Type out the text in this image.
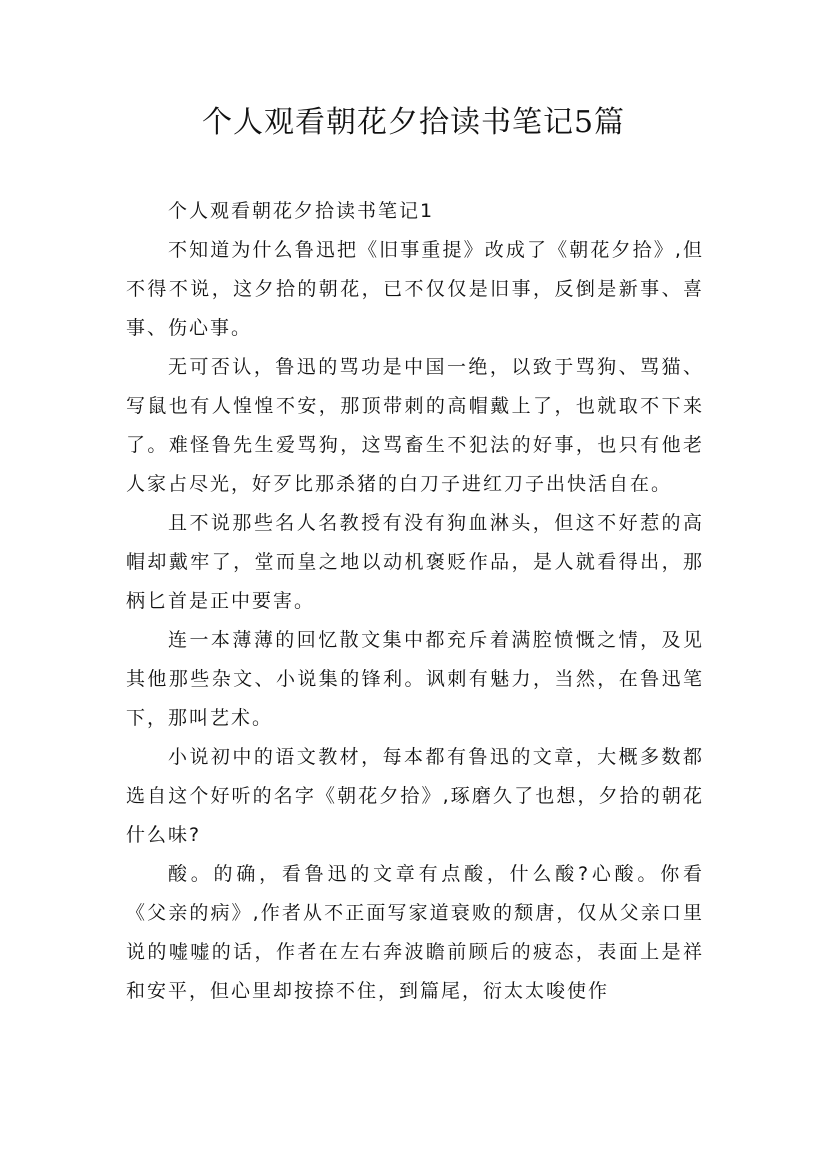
个人观看朝花夕拾读书笔记5篇

个人观看朝花夕拾读书笔记1

不知道为什么鲁迅把《旧事重提》改成了《朝花夕拾》,但不得不说，这夕拾的朝花，已不仅仅是旧事，反倒是新事、喜事、伤心事。

无可否认，鲁迅的骂功是中国一绝，以致于骂狗、骂猫、写鼠也有人惶惶不安，那顶带刺的高帽戴上了，也就取不下来了。难怪鲁先生爱骂狗，这骂畜生不犯法的好事，也只有他老人家占尽光，好歹比那杀猪的白刀子进红刀子出快活自在。

且不说那些名人名教授有没有狗血淋头，但这不好惹的高帽却戴牢了，堂而皇之地以动机褒贬作品，是人就看得出，那柄匕首是正中要害。

连一本薄薄的回忆散文集中都充斥着满腔愤慨之情，及见其他那些杂文、小说集的锋利。讽刺有魅力，当然，在鲁迅笔下，那叫艺术。

小说初中的语文教材，每本都有鲁迅的文章，大概多数都选自这个好听的名字《朝花夕拾》,琢磨久了也想，夕拾的朝花什么味?

酸。的确，看鲁迅的文章有点酸，什么酸?心酸。你看《父亲的病》,作者从不正面写家道衰败的颓唐，仅从父亲口里说的嘘嘘的话，作者在左右奔波瞻前顾后的疲态，表面上是祥和安平，但心里却按捺不住，到篇尾，衍太太唆使作
